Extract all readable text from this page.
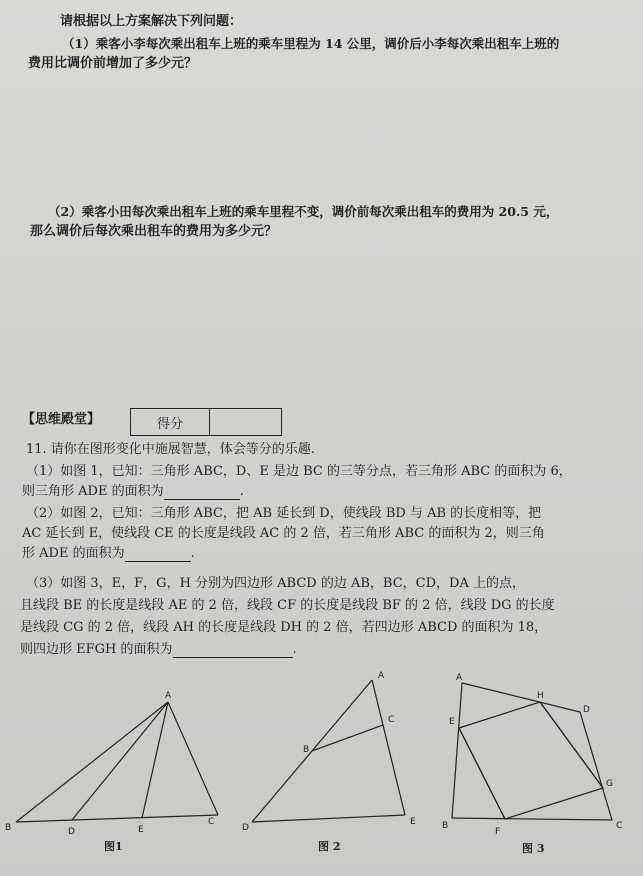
请根据以上方案解决下列问题：
（1）乘客小李每次乘出租车上班的乘车里程为 14 公里，调价后小李每次乘出租车上班的
费用比调价前增加了多少元？
（2）乘客小田每次乘出租车上班的乘车里程不变，调价前每次乘出租车的费用为 20.5 元，
那么调价后每次乘出租车的费用为多少元？
【思维殿堂】	得分
11. 请你在图形变化中施展智慧，体会等分的乐趣.
（1）如图 1，已知：三角形 ABC，D、E 是边 BC 的三等分点，若三角形 ABC 的面积为 6，
则三角形 ADE 的面积为	.
（2）如图 2，已知：三角形 ABC，把 AB 延长到 D，使线段 BD 与 AB 的长度相等，把
AC 延长到 E，使线段 CE 的长度是线段 AC 的 2 倍，若三角形 ABC 的面积为 2，则三角
形 ADE 的面积为	.
（3）如图 3，E，F，G，H 分别为四边形 ABCD 的边 AB，BC，CD，DA 上的点，
且线段 BE 的长度是线段 AE 的 2 倍，线段 CF 的长度是线段 BF 的 2 倍，线段 DG 的长度
是线段 CG 的 2 倍，线段 AH 的长度是线段 DH 的 2 倍，若四边形 ABCD 的面积为 18，
则四边形 EFGH 的面积为	.
A
B
C
D	E
图1
A
B
C
D
E
图 2
A
B	C
D
E
F
G
H
图 3
